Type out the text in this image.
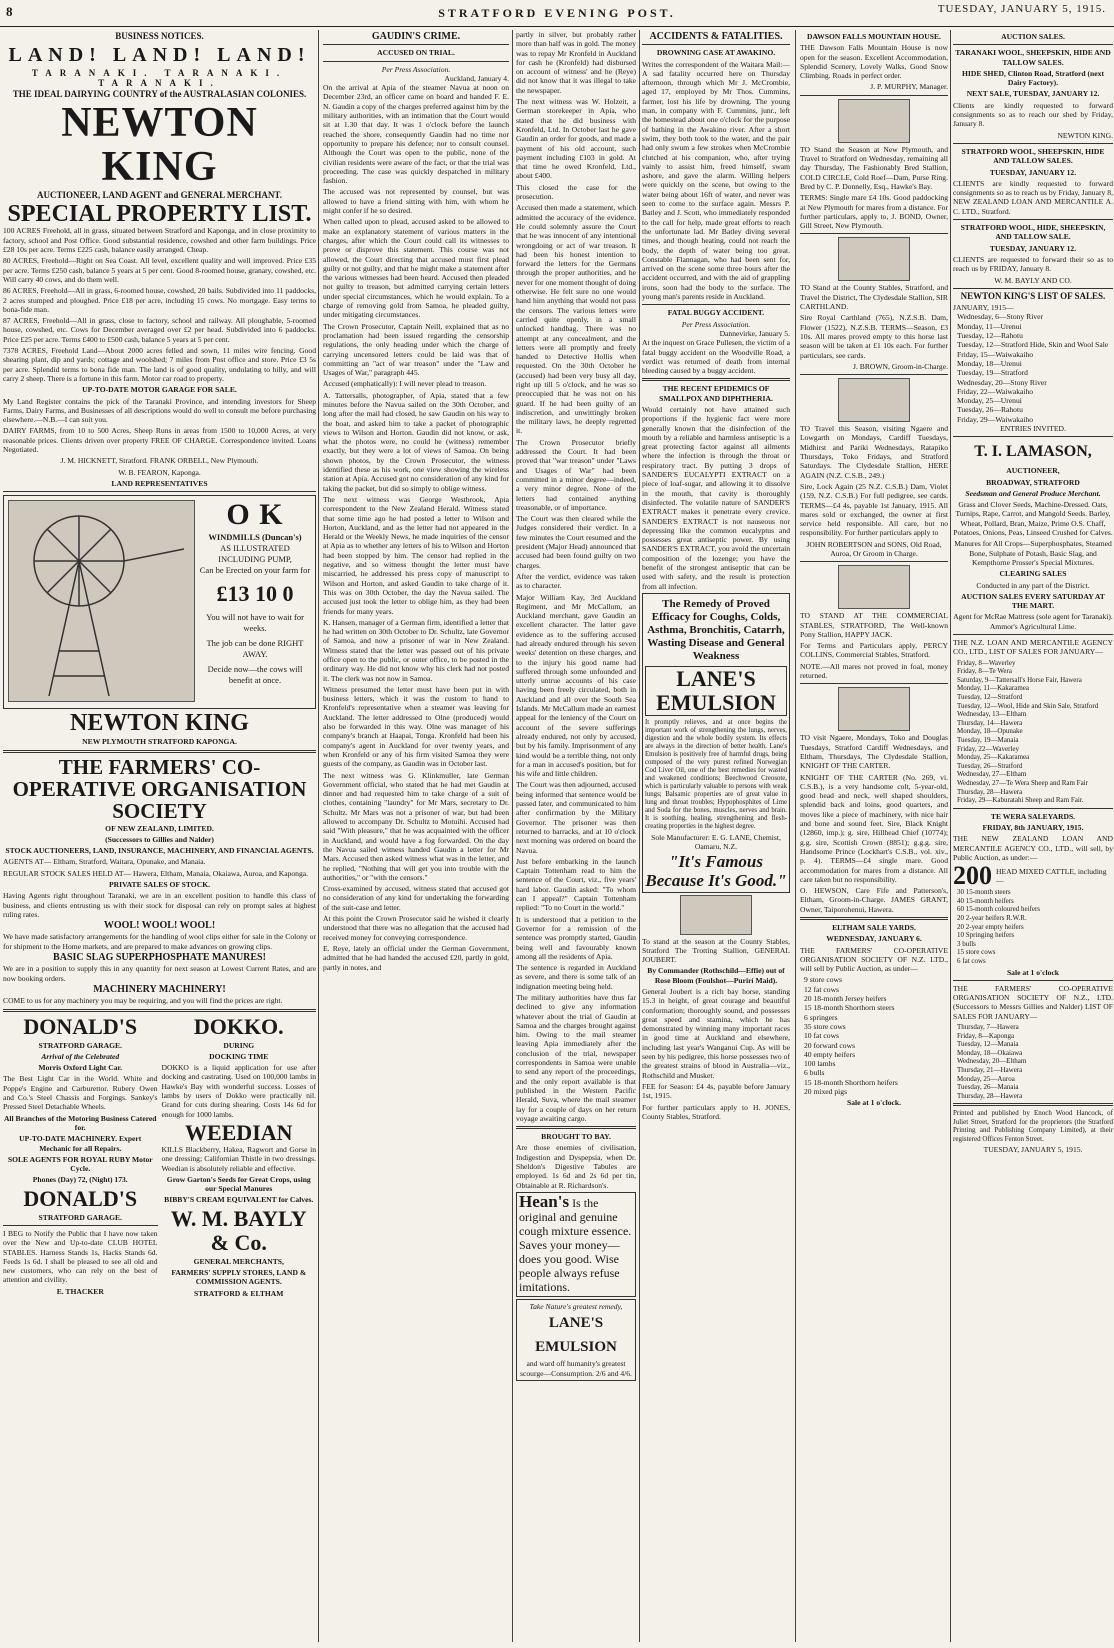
8	STRATFORD EVENING POST.	TUESDAY, JANUARY 5, 1915.
BUSINESS NOTICES.
LAND! LAND! LAND!
TARANAKI. TARANAKI. TARANAKI.
THE IDEAL DAIRYING COUNTRY of the AUSTRALASIAN COLONIES.
NEWTON KING
AUCTIONEER, LAND AGENT and GENERAL MERCHANT.
SPECIAL PROPERTY LIST.

100 ACRES Freehold, all in grass, situated between Stratford and Kaponga, and in close proximity to factory, school and Post Office. Good substantial residence, cowshed and other farm buildings. Price £28 10s per acre. Terms £225 cash, balance easily arranged. Cheap.

80 ACRES, Freehold—Right on Sea Coast. All level, excellent quality and well improved. Price £35 per acre. Terms £250 cash, balance 5 years at 5 per cent. Good 8-roomed house, granary, cowshed, etc. Will carry 40 cows, and do them well.

86 ACRES, Freehold—All in grass, 6-roomed house, cowshed, 20 bails. Subdivided into 11 paddocks, 2 acres stumped and ploughed. Price £18 per acre, including 15 cows. No mortgage. Easy terms to bona-fide man.

87 ACRES, Freehold—All in grass, close to factory, school and railway. All ploughable, 5-roomed house, cowshed, etc. Cows for December averaged over £2 per head. Subdivided into 6 paddocks. Price £25 per acre. Terms £400 to £500 cash, balance 5 years at 5 per cent.

7378 ACRES, Freehold Land—About 2000 acres felled and sown, 11 miles wire fencing. Good shearing plant, dip and yards; cottage and woolshed; 7 miles from Post office and store. Price £3 5s per acre. Splendid terms to bona fide man. The land is of good quality, undulating to hilly, and will carry 2 sheep. There is a fortune in this farm. Motor car road to property.

UP-TO-DATE MOTOR GARAGE FOR SALE.

My Land Register contains the pick of the Taranaki Province, and intending investors for Sheep Farms, Dairy Farms, and Businesses of all descriptions would do well to consult me before purchasing elsewhere.—N.B.—I can suit you.

DAIRY FARMS, from 10 to 500 Acres, Sheep Runs in areas from 1500 to 10,000 Acres, at very reasonable prices. Clients driven over property FREE OF CHARGE. Correspondence invited. Loans Negotiated.

J. M. HICKNETT, Stratford. FRANK ORBELL, New Plymouth.

W. B. FEARON, Kaponga.

LAND REPRESENTATIVES

O K
WINDMILLS (Duncan's)
AS ILLUSTRATED INCLUDING PUMP,
Can be Erected on your farm for
£13 10 0
You will not have to wait for weeks.
The job can be done RIGHT AWAY.
Decide now—the cows will benefit at once.
NEWTON KING
NEW PLYMOUTH STRATFORD KAPONGA.
THE FARMERS' CO-OPERATIVE ORGANISATION SOCIETY
OF NEW ZEALAND, LIMITED.
(Successors to Gillies and Nalder)
STOCK AUCTIONEERS, LAND, INSURANCE, MACHINERY, AND FINANCIAL AGENTS.

AGENTS AT— Eltham, Stratford, Waitara, Opunake, and Manaia.

REGULAR STOCK SALES HELD AT— Hawera, Eltham, Manaia, Okaiawa, Auroa, and Kaponga.

PRIVATE SALES OF STOCK.

Having Agents right throughout Taranaki, we are in an excellent position to handle this class of business, and clients entrusting us with their stock for disposal can rely on prompt sales at highest ruling rates.

WOOL! WOOL! WOOL!

We have made satisfactory arrangements for the handling of wool clips either for sale in the Colony or for shipment to the Home markets, and are prepared to make advances on growing clips.

BASIC SLAG SUPERPHOSPHATE MANURES!

We are in a position to supply this in any quantity for next season at Lowest Current Rates, and are now booking orders.

MACHINERY MACHINERY!

COME to us for any machinery you may be requiring, and you will find the prices are right.

DONALD'S
STRATFORD GARAGE.
Arrival of the Celebrated
Morris Oxford Light Car.

The Best Light Car in the World. White and Poppe's Engine and Carburettor. Rubery Owen and Co.'s Steel Chassis and Forgings. Sankey's Pressed Steel Detachable Wheels.

All Branches of the Motoring Business Catered for.
UP-TO-DATE MACHINERY. Expert Mechanic for all Repairs.
SOLE AGENTS FOR ROYAL RUBY Motor Cycle.
Phones (Day) 72, (Night) 173.
DONALD'S
STRATFORD GARAGE.

I BEG to Notify the Public that I have now taken over the New and Up-to-date CLUB HOTEL STABLES. Harness Stands 1s, Hacks Stands 6d. Feeds 1s 6d. I shall be pleased to see all old and new customers, who can rely on the best of attention and civility.

E. THACKER
DOKKO.
DURING
DOCKING TIME

DOKKO is a liquid application for use after docking and castrating. Used on 100,000 lambs in Hawke's Bay with wonderful success. Losses of lambs by users of Dokko were practically nil. Grand for cuts during shearing. Costs 14s 6d for enough for 1000 lambs.

WEEDIAN

KILLS Blackberry, Hakea, Ragwort and Gorse in one dressing; Californian Thistle in two dressings. Weedian is absolutely reliable and effective.

Grow Garton's Seeds for Great Crops, using our Special Manures
BIBBY'S CREAM EQUIVALENT for Calves.
W. M. BAYLY & Co.
GENERAL MERCHANTS,
FARMERS' SUPPLY STORES, LAND & COMMISSION AGENTS.
STRATFORD & ELTHAM
GAUDIN'S CRIME.
ACCUSED ON TRIAL.
Per Press Association.
Auckland, January 4.

On the arrival at Apia of the steamer Navua at noon on December 23rd, an officer came on board and handed F. E. N. Gaudin a copy of the charges preferred against him by the military authorities, with an intimation that the Court would sit at 1.30 that day. It was 1 o'clock before the launch reached the shore, consequently Gaudin had no time nor opportunity to prepare his defence; nor to consult counsel. Although the Court was open to the public, none of the civilian residents were aware of the fact, or that the trial was proceeding. The case was quickly despatched in military fashion.

The accused was not represented by counsel, but was allowed to have a friend sitting with him, with whom he might confer if he so desired.

When called upon to plead, accused asked to be allowed to make an explanatory statement of various matters in the charges, after which the Court could call its witnesses to prove or disprove this statement. This course was not allowed, the Court directing that accused must first plead guilty or not guilty, and that he might make a statement after the various witnesses had been heard. Accused then pleaded not guilty to treason, but admitted carrying certain letters under special circumstances, which he would explain. To a charge of removing gold from Samoa, he pleaded guilty, under mitigating circumstances.

The Crown Prosecutor, Captain Neill, explained that as no proclamation had been issued regarding the censorship regulations, the only heading under which the charge of carrying uncensored letters could be laid was that of committing an "act of war treason" under the "Law and Usages of War," paragraph 445.

Accused (emphatically): I will never plead to treason.

A. Tattersalls, photographer, of Apia, stated that a few minutes before the Navua sailed on the 30th October, and long after the mail had closed, he saw Gaudin on his way to the boat, and asked him to take a packet of photographic views to Wilson and Horton. Gaudin did not know, or ask, what the photos were, no could he (witness) remember exactly, but they were a lot of views of Samoa. On being shown photos, by the Crown Prosecutor, the witness identified these as his work, one view showing the wireless station at Apia. Accused got no consideration of any kind for taking the packet, but did so simply to oblige witness.

The next witness was George Westbrook, Apia correspondent to the New Zealand Herald. Witness stated that some time ago he had posted a letter to Wilson and Horton, Auckland, and as the letter had not appeared in the Herald or the Weekly News, he made inquiries of the censor at Apia as to whether any letters of his to Wilson and Horton had been stopped by him. The censor had replied in the negative, and so witness thought the letter must have miscarried, he addressed his press copy of manuscript to Wilson and Horton, and asked Gaudin to take charge of it. This was on 30th October, the day the Navua sailed. The accused just took the letter to oblige him, as they had been friends for many years.

K. Hansen, manager of a German firm, identified a letter that he had written on 30th October to Dr. Schultz, late Governor of Samoa, and now a prisoner of war in New Zealand. Witness stated that the letter was passed out of his private office open to the public, or outer office, to be posted in the ordinary way. He did not know why his clerk had not posted it. The clerk was not now in Samoa.

Witness presumed the letter must have been put in with business letters, which it was the custom to hand to Kronfeld's representative when a steamer was leaving for Auckland. The letter addressed to Olne (produced) would also be forwarded in this way. Olne was manager of his company's branch at Haapai, Tonga. Kronfeld had been his company's agent in Auckland for over twenty years, and when Kronfeld or any of his firm visited Samoa they were guests of the company, as Gaudin was in October last.

The next witness was G. Klinkmuller, late German Government official, who stated that he had met Gaudin at dinner and had requested him to take charge of a suit of clothes, containing "laundry" for Mr Mars, secretary to Dr. Schultz. Mr Mars was not a prisoner of war, but had been allowed to accompany Dr. Schultz to Motuihi. Accused had said "With pleasure," that he was acquainted with the officer in Auckland, and would have a fog forwarded. On the day the Navua sailed witness handed Gaudin a letter for Mr Mars. Accused then asked witness what was in the letter, and he replied, "Nothing that will get you into trouble with the authorities," or "with the censors."

Cross-examined by accused, witness stated that accused got no consideration of any kind for undertaking the forwarding of the suit-case and letter.

At this point the Crown Prosecutor said he wished it clearly understood that there was no allegation that the accused had received money for conveying correspondence.

E. Reye, lately an official under the German Government, admitted that he had handed the accused £20, partly in gold, partly in notes, and

partly in silver, but probably rather more than half was in gold. The money was to repay Mr Kronfeld in Auckland for cash he (Kronfeld) had disbursed on account of witness' and he (Reye) did not know that it was illegal to take the newspaper.

The next witness was W. Holzeit, a German storekeeper in Apia, who stated that he did business with Kronfeld, Ltd. In October last he gave Gaudin an order for goods, and made a payment of his old account, such payment including £103 in gold. At that time he owed Kronfeld, Ltd., about £400.

This closed the case for the prosecution.

Accused then made a statement, which admitted the accuracy of the evidence. He could solemnly assure the Court that he was innocent of any intentional wrongdoing or act of war treason. It had been his honest intention to forward the letters for the Germans through the proper authorities, and he never for one moment thought of doing otherwise. He felt sure no one would hand him anything that would not pass the censors. The various letters were carried quite openly, in a small unlocked handbag. There was no attempt at any concealment, and the letters were all promptly and freely handed to Detective Hollis when requested. On the 30th October he (accused) had been very busy all day, right up till 5 o'clock, and he was so preoccupied that he was not on his guard. If he had been guilty of an indiscretion, and unwittingly broken the military laws, he deeply regretted it.

The Crown Prosecutor briefly addressed the Court. It had been proved that "war treason" under "Laws and Usages of War" had been committed in a minor degree—indeed, a very minor degree. None of the letters had contained anything treasonable, or of importance.

The Court was then cleared while the Judges considered their verdict. In a few minutes the Court resumed and the president (Major Head) announced that accused had been found guilty on two charges.

After the verdict, evidence was taken as to character.

Major William Kay, 3rd Auckland Regiment, and Mr McCallum, an Auckland merchant, gave Gaudin an excellent character. The latter gave evidence as to the suffering accused had already endured through his seven weeks' detention on these charges, and to the injury his good name had suffered through some unfounded and utterly untrue accounts of his case having been freely circulated, both in Auckland and all over the South Sea Islands. Mr McCallum made an earnest appeal for the leniency of the Court on account of the severe sufferings already endured, not only by accused, but by his family. Imprisonment of any kind would be a terrible thing, not only for a man in accused's position, but for his wife and little children.

The Court was then adjourned, accused being informed that sentence would be passed later, and communicated to him after confirmation by the Military Governor. The prisoner was then returned to barracks, and at 10 o'clock next morning was ordered on board the Navua.

Just before embarking in the launch Captain Tottenham read to him the sentence of the Court, viz., five years' hard labor. Gaudin asked: "To whom can I appeal?" Captain Tottenham replied: "To no Court in the world."

It is understood that a petition to the Governor for a remission of the sentence was promptly started, Gaudin being well and favourably known among all the residents of Apia.

The sentence is regarded in Auckland as severe, and there is some talk of an indignation meeting being held.

The military authorities have thus far declined to give any information whatever about the trial of Gaudin at Samoa and the charges brought against him. Owing to the mail steamer leaving Apia immediately after the conclusion of the trial, newspaper correspondents in Samoa were unable to send any report of the proceedings, and the only report available is that published in the Western Pacific Herald, Suva, where the mail steamer lay for a couple of days on her return voyage awaiting cargo.

BROUGHT TO BAY.

Are those enemies of civilisation, Indigestion and Dyspepsia, when Dr. Sheldon's Digestive Tabules are employed. 1s 6d and 2s 6d per tin, Obtainable at R. Richardson's.

Hean's Is the original and genuine cough mixture essence. Saves your money—does you good. Wise people always refuse imitations.
Take Nature's greatest remedy,
LANE'S EMULSION
and ward off humanity's greatest scourge—Consumption. 2/6 and 4/6.
ACCIDENTS & FATALITIES.
DROWNING CASE AT AWAKINO.

Writes the correspondent of the Waitara Mail:—A sad fatality occurred here on Thursday afternoon, through which Mr J. McCrombie, aged 17, employed by Mr Thos. Cummins, farmer, lost his life by drowning. The young man, in company with F. Cummins, junr., left the homestead about one o'clock for the purpose of bathing in the Awakino river. After a short swim, they both took to the water, and the pair had only swum a few strokes when McCrombie clutched at his companion, who, after trying vainly to assist him, freed himself, swam ashore, and gave the alarm. Willing helpers were quickly on the scene, but owing to the water being about 16ft of water, and never was seen to come to the surface again. Messrs P. Batley and J. Scott, who immediately responded to the call for help, made great efforts to reach the unfortunate lad. Mr Batley diving several times, and though heating, could not reach the body, the depth of water being too great. Constable Flannagan, who had been sent for, arrived on the scene some three hours after the accident occurred, and with the aid of grappling irons, soon had the body to the surface. The young man's parents reside in Auckland.

FATAL BUGGY ACCIDENT.
Per Press Association.
Dannevirke, January 5.

At the inquest on Grace Pullesen, the victim of a fatal buggy accident on the Woodville Road, a verdict was returned of death from internal bleeding caused by a buggy accident.

THE RECENT EPIDEMICS OF SMALLPOX AND DIPHTHERIA.

Would certainly not have attained such proportions if the hygienic fact were more generally known that the disinfection of the mouth by a reliable and harmless antiseptic is a great protecting factor against all ailments where the infection is through the throat or respiratory tract. By putting 3 drops of SANDER'S EUCALYPTI EXTRACT on a piece of loaf-sugar, and allowing it to dissolve in the mouth, that cavity is thoroughly disinfected. The volatile nature of SANDER'S EXTRACT makes it penetrate every crevice. SANDER'S EXTRACT is not nauseous nor depressing like the common eucalyptus and possesses great antiseptic power. By using SANDER'S EXTRACT, you avoid the uncertain composition of the lozenge; you have the benefit of the strongest antiseptic that can be used with safety, and the result is protection from all infection.

The Remedy of Proved Efficacy for Coughs, Colds, Asthma, Bronchitis, Catarrh, Wasting Disease and General Weakness
LANE'S EMULSION

It promptly relieves, and at once begins the important work of strengthening the lungs, nerves, digestion and the whole bodily system. Its effects are always in the direction of better health. Lane's Emulsion is positively free of harmful drugs, being composed of the very purest refined Norwegian Cod Liver Oil, one of the best remedies for wasted and weakened conditions; Beechwood Creosote, which is particularly valuable to persons with weak lungs; Balsamic properties are of great value in lung and throat troubles; Hypophosphites of Lime and Soda for the bones, muscles, nerves and brain. It is soothing, healing, strengthening and flesh-creating properties in the highest degree.

Sole Manufacturer: E. G. LANE, Chemist, Oamaru, N.Z.
"It's Famous Because It's Good."

To stand at the season at the County Stables, Stratford The Trotting Stallion, GENERAL JOUBERT.

By Commander (Rothschild—Effie) out of Rose Bloom (Foulshot—Purirí Maid).

General Joubert is a rich bay horse, standing 15.3 in height, of great courage and beautiful conformation; thoroughly sound, and possesses great speed and stamina, which he has demonstrated by winning many important races in good time at Auckland and elsewhere, including last year's Wanganui Cup. As will be seen by his pedigree, this horse possesses two of the greatest strains of blood in Australia—viz., Rothschild and Musket.

FEE for Season: £4 4s, payable before January 1st, 1915.

For further particulars apply to H. JONES, County Stables, Stratford.

DAWSON FALLS MOUNTAIN HOUSE.

THE Dawson Falls Mountain House is now open for the season. Excellent Accommodation, Splendid Scenery, Lovely Walks, Good Snow Climbing. Roads in perfect order.

J. P. MURPHY, Manager.

TO Stand the Season at New Plymouth, and Travel to Stratford on Wednesday, remaining all day Thursday, The Fashionably Bred Stallion, COLD CIRCLE, Cold Roef—Dam, Purse Ring. Bred by C. P. Donnelly, Esq., Hawke's Bay.

TERMS: Single mare £4 10s. Good paddocking at New Plymouth for mares from a distance. For further particulars, apply to, J. BOND, Owner, Gill Street, New Plymouth.

TO Stand at the County Stables, Stratford, and Travel the District, The Clydesdale Stallion, SIR CARTHLAND.

Sire Royal Carthland (765), N.Z.S.B. Dam, Flower (1522), N.Z.S.B. TERMS—Season, £3 10s. All mares proved empty to this horse last season will be taken at £1 10s each. For further particulars, see cards.

J. BROWN, Groom-in-Charge.

TO Travel this Season, visiting Ngaere and Lowgarth on Mondays, Cardiff Tuesdays, Midhirst and Pariki Wednesdays, Ratapiko Thursdays, Toko Fridays, and Stratford Saturdays. The Clydesdale Stallion, HERE AGAIN (N.Z. C.S.B., 249.)

Sire, Lock Again (25 N.Z. C.S.B.) Dam, Violet (159, N.Z. C.S.B.) For full pedigree, see cards. TERMS—£4 4s, payable 1st January, 1915. All mares sold or exchanged, the owner at first service held responsible. All care, but no responsibility. For further particulars apply to

JOHN ROBERTSON and SONS, Old Road, Auroa, Or Groom in Charge.

TO STAND AT THE COMMERCIAL STABLES, STRATFORD, The Well-known Pony Stallion, HAPPY JACK.

For Terms and Particulars apply, PERCY COLLINS, Commercial Stables, Stratford.

NOTE.—All mares not proved in foal, money returned.

TO visit Ngaere, Mondays, Toko and Douglas Tuesdays, Stratford Cardiff Wednesdays, and Eltham, Thursdays, The Clydesdale Stallion, KNIGHT OF THE CARTER.

KNIGHT OF THE CARTER (No. 269, vi. C.S.B.), is a very handsome colt, 5-year-old, good head and neck, well shaped shoulders, splendid back and loins, good quarters, and moves like a piece of machinery, with nice hair and bone and sound feet. Sire, Black Knight (12860, imp.); g. sire, Hillhead Chief (10774); g.g. sire, Scottish Crown (8851); g.g.g. sire, Handsome Prince (Lockhart's C.S.B., vol. xiv., p. 4). TERMS—£4 single mare. Good accommodation for mares from a distance. All care taken but no responsibility.

O. HEWSON, Care Fife and Patterson's, Eltham, Groom-in-Charge. JAMES GRANT, Owner, Taiporohenui, Hawera.

ELTHAM SALE YARDS.
WEDNESDAY, JANUARY 6.

THE FARMERS' CO-OPERATIVE ORGANISATION SOCIETY OF N.Z. LTD., will sell by Public Auction, as under—

9 store cows
12 fat cows
20 18-month Jersey heifers
15 18-month Shorthorn steers
6 springers
35 store cows
10 fat cows
20 forward cows
40 empty heifers
100 lambs
6 bulls
15 18-month Shorthorn heifers
20 mixed pigs
Sale at 1 o'clock.
AUCTION SALES.
TARANAKI WOOL, SHEEPSKIN, HIDE AND TALLOW SALES.
HIDE SHED, Clinton Road, Stratford (next Dairy Factory).
NEXT SALE, TUESDAY, JANUARY 12.

Clients are kindly requested to forward consignments so as to reach our shed by Friday, January 8.

NEWTON KING.
STRATFORD WOOL, SHEEPSKIN, HIDE AND TALLOW SALES.
TUESDAY, JANUARY 12.

CLIENTS are kindly requested to forward consignments so as to reach us by Friday, January 8, NEW ZEALAND LOAN AND MERCANTILE A. C. LTD., Stratford.

STRATFORD WOOL, HIDE, SHEEPSKIN, AND TALLOW SALE.
TUESDAY, JANUARY 12.

CLIENTS are requested to forward their so as to reach us by FRIDAY, January 8.

W. M. BAYLY AND CO.
NEWTON KING'S LIST OF SALES.
JANUARY, 1915—
Wednesday, 6—Stony River
Monday, 11—Urenui
Tuesday, 12—Rahotu
Tuesday, 12—Stratford Hide, Skin and Wool Sale
Friday, 15—Waiwakaiho
Monday, 18—Urenui
Tuesday, 19—Stratford
Wednesday, 20—Stony River
Friday, 22—Waiwakaiho
Monday, 25—Urenui
Tuesday, 26—Rahotu
Friday, 29—Waiwakaiho
ENTRIES INVITED.
T. I. LAMASON,
AUCTIONEER,
BROADWAY, STRATFORD
Seedsman and General Produce Merchant.

Grass and Clover Seeds, Machine-Dressed. Oats, Turnips, Rape, Carrot, and Mangold Seeds. Barley, Wheat, Pollard, Bran, Maize, Prime O.S. Chaff, Potatoes, Onions, Peas, Linseed Crushed for Calves.

Manures for All Crops—Superphosphates, Steamed Bone, Sulphate of Potash, Basic Slag, and Kempthorne Prosser's Special Mixtures.

CLEARING SALES
Conducted in any part of the District.
AUCTION SALES EVERY SATURDAY AT THE MART.

Agent for McRae Mattress (sole agent for Taranaki). Ammor's Agricultural Lime.

THE N.Z. LOAN AND MERCANTILE AGENCY CO., LTD., LIST OF SALES FOR JANUARY—

Friday, 8—Waverley
Friday, 8—Te Wera
Saturday, 9—Tattersall's Horse Fair, Hawera
Monday, 11—Kakaramea
Tuesday, 12—Stratford
Tuesday, 12—Wool, Hide and Skin Sale, Stratford
Wednesday, 13—Eltham
Thursday, 14—Hawera
Monday, 18—Opunake
Tuesday, 19—Manaia
Friday, 22—Waverley
Monday, 25—Kakaramea
Tuesday, 26—Stratford
Wednesday, 27—Eltham
Wednesday, 27—Te Wera Sheep and Ram Fair
Thursday, 28—Hawera
Friday, 29—Kaburatahi Sheep and Ram Fair.
TE WERA SALEYARDS.
FRIDAY, 8th JANUARY, 1915.

THE NEW ZEALAND LOAN AND MERCANTILE AGENCY CO., LTD., will sell, by Public Auction, as under:—

200 HEAD MIXED CATTLE, including—
30 15-month steers
40 15-month heifers
60 15-month coloured heifers
20 2-year heifers R.W.R.
20 2-year empty heifers
10 Springing heifers
3 bulls
15 store cows
6 fat cows
Sale at 1 o'clock

THE FARMERS' CO-OPERATIVE ORGANISATION SOCIETY OF N.Z., LTD. (Successors to Messrs Gillies and Nalder) LIST OF SALES FOR JANUARY—

Thursday, 7—Hawera
Friday, 8—Kaponga
Tuesday, 12—Manaia
Monday, 18—Okaiawa
Wednesday, 20—Eltham
Thursday, 21—Hawera
Monday, 25—Auroa
Tuesday, 26—Manaia
Thursday, 28—Hawera

Printed and published by Enoch Wood Hancock, of Juliet Street, Stratford for the proprietors (the Stratford Printing and Publishing Company Limited), at their registered Offices Fenton Street.

TUESDAY, JANUARY 5, 1915.
